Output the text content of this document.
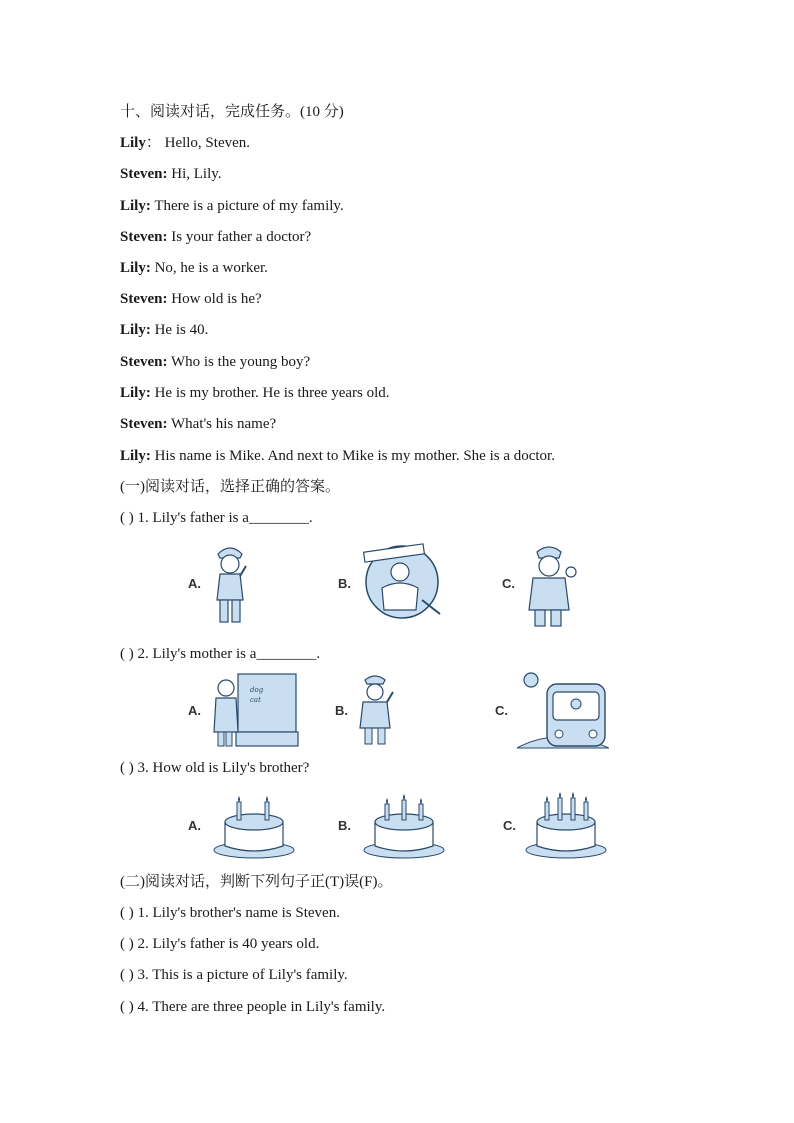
十、阅读对话，完成任务。(10 分)
Lily： Hello, Steven.
Steven: Hi, Lily.
Lily: There is a picture of my family.
Steven: Is your father a doctor?
Lily: No, he is a worker.
Steven: How old is he?
Lily: He is 40.
Steven: Who is the young boy?
Lily: He is my brother. He is three years old.
Steven: What's his name?
Lily: His name is Mike. And next to Mike is my mother. She is a doctor.
(一)阅读对话，选择正确的答案。
( ) 1. Lily's father is a________.
A.	B.	C.
( ) 2. Lily's mother is a________.
A.
dog
cat
B.	C.
( ) 3. How old is Lily's brother?
A.	B.	C.
(二)阅读对话，判断下列句子正(T)误(F)。
( ) 1. Lily's brother's name is Steven.
( ) 2. Lily's father is 40 years old.
( ) 3. This is a picture of Lily's family.
( ) 4. There are three people in Lily's family.
